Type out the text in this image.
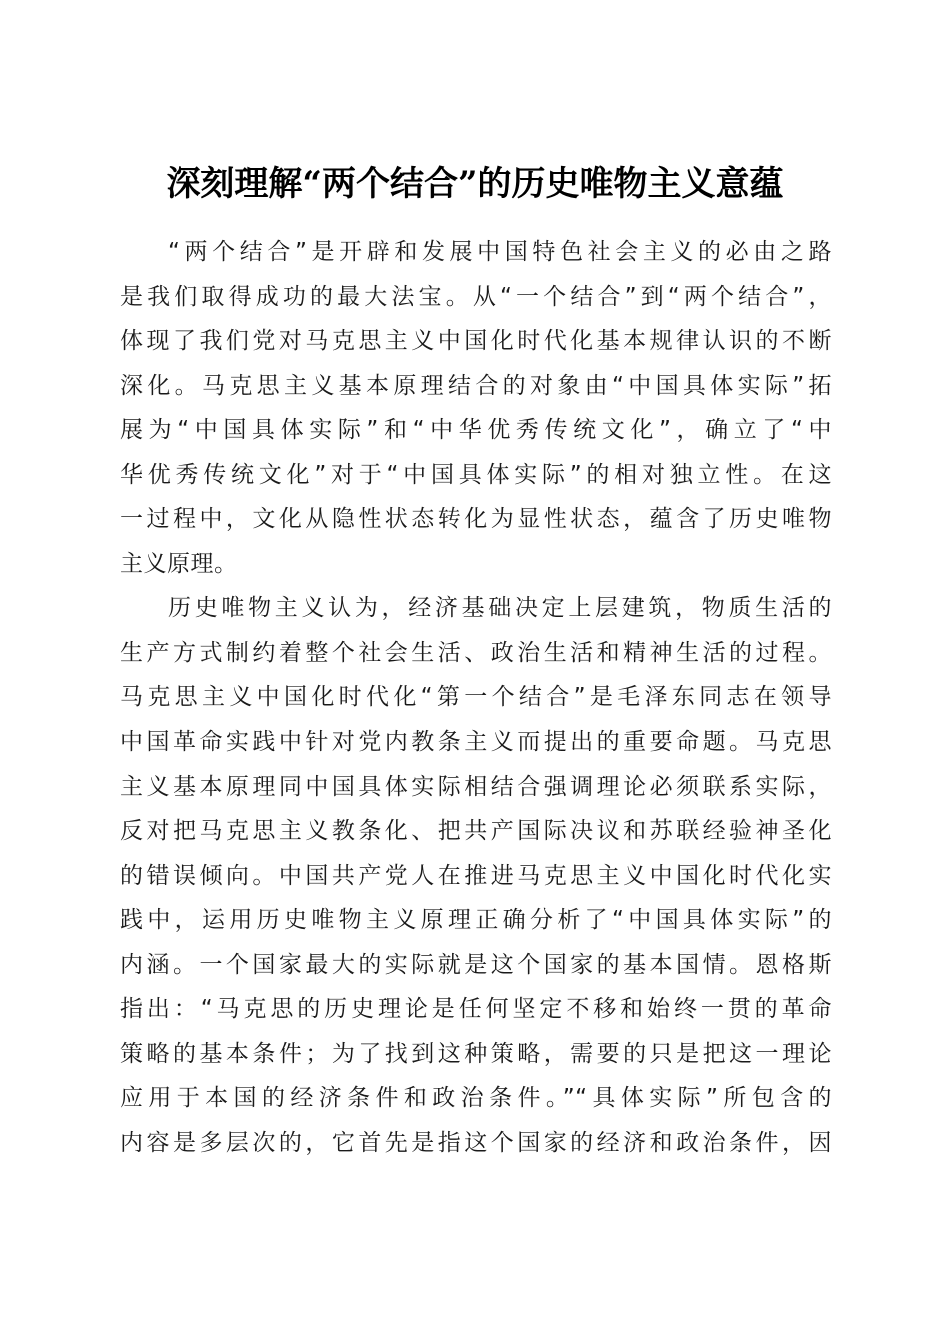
深刻理解“两个结合”的历史唯物主义意蕴
“两个结合”是开辟和发展中国特色社会主义的必由之路
是我们取得成功的最大法宝。从“一个结合”到“两个结合”，
体现了我们党对马克思主义中国化时代化基本规律认识的不断
深化。马克思主义基本原理结合的对象由“中国具体实际”拓
展为“中国具体实际”和“中华优秀传统文化”，确立了“中
华优秀传统文化”对于“中国具体实际”的相对独立性。在这
一过程中，文化从隐性状态转化为显性状态，蕴含了历史唯物
主义原理。
历史唯物主义认为，经济基础决定上层建筑，物质生活的
生产方式制约着整个社会生活、政治生活和精神生活的过程。
马克思主义中国化时代化“第一个结合”是毛泽东同志在领导
中国革命实践中针对党内教条主义而提出的重要命题。马克思
主义基本原理同中国具体实际相结合强调理论必须联系实际，
反对把马克思主义教条化、把共产国际决议和苏联经验神圣化
的错误倾向。中国共产党人在推进马克思主义中国化时代化实
践中，运用历史唯物主义原理正确分析了“中国具体实际”的
内涵。一个国家最大的实际就是这个国家的基本国情。恩格斯
指出：“马克思的历史理论是任何坚定不移和始终一贯的革命
策略的基本条件；为了找到这种策略，需要的只是把这一理论
应用于本国的经济条件和政治条件。”“具体实际”所包含的
内容是多层次的，它首先是指这个国家的经济和政治条件，因
